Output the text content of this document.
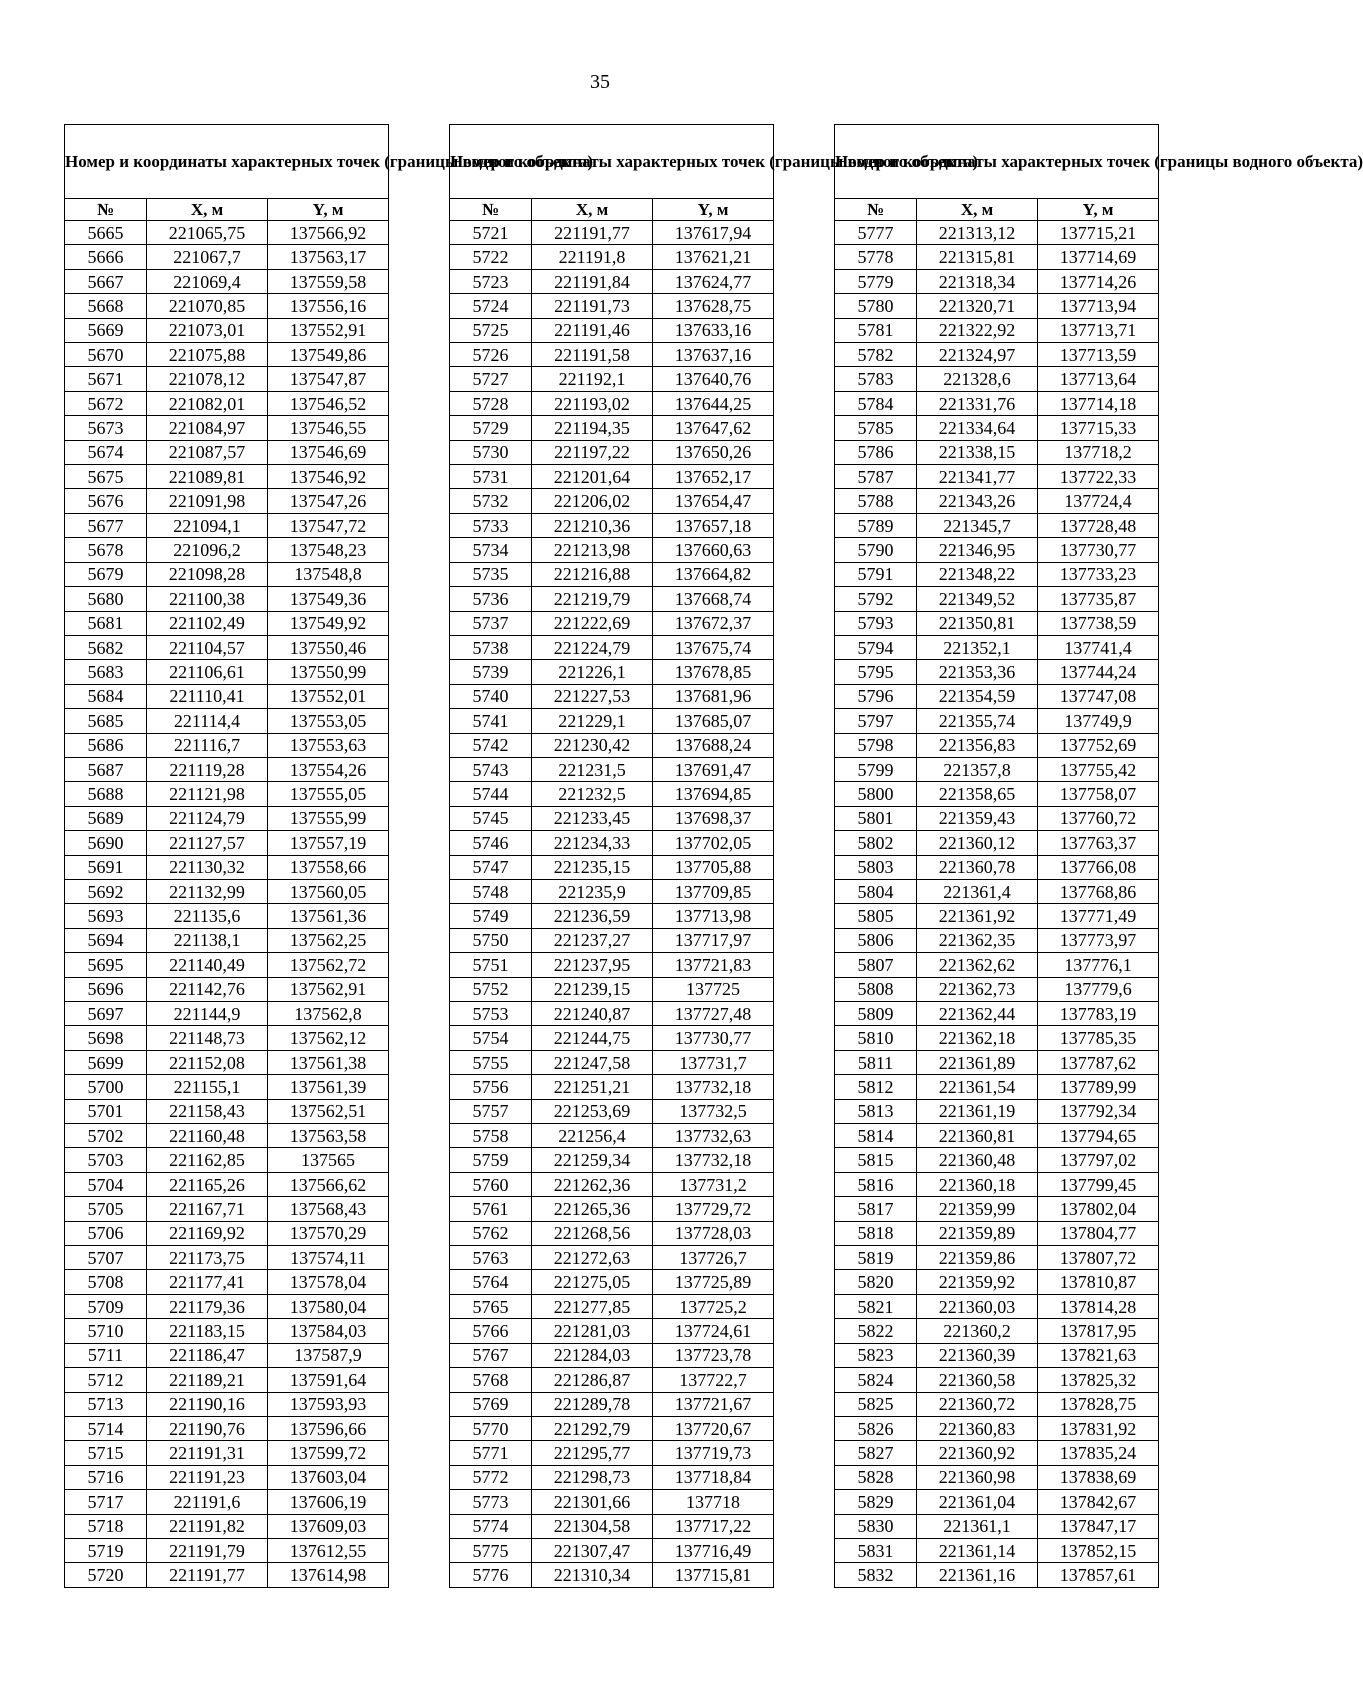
35
Номер и координаты характерных точек (границы водного объекта)		
№	X, м	Y, м
5665	221065,75	137566,92
5666	221067,7	137563,17
5667	221069,4	137559,58
5668	221070,85	137556,16
5669	221073,01	137552,91
5670	221075,88	137549,86
5671	221078,12	137547,87
5672	221082,01	137546,52
5673	221084,97	137546,55
5674	221087,57	137546,69
5675	221089,81	137546,92
5676	221091,98	137547,26
5677	221094,1	137547,72
5678	221096,2	137548,23
5679	221098,28	137548,8
5680	221100,38	137549,36
5681	221102,49	137549,92
5682	221104,57	137550,46
5683	221106,61	137550,99
5684	221110,41	137552,01
5685	221114,4	137553,05
5686	221116,7	137553,63
5687	221119,28	137554,26
5688	221121,98	137555,05
5689	221124,79	137555,99
5690	221127,57	137557,19
5691	221130,32	137558,66
5692	221132,99	137560,05
5693	221135,6	137561,36
5694	221138,1	137562,25
5695	221140,49	137562,72
5696	221142,76	137562,91
5697	221144,9	137562,8
5698	221148,73	137562,12
5699	221152,08	137561,38
5700	221155,1	137561,39
5701	221158,43	137562,51
5702	221160,48	137563,58
5703	221162,85	137565
5704	221165,26	137566,62
5705	221167,71	137568,43
5706	221169,92	137570,29
5707	221173,75	137574,11
5708	221177,41	137578,04
5709	221179,36	137580,04
5710	221183,15	137584,03
5711	221186,47	137587,9
5712	221189,21	137591,64
5713	221190,16	137593,93
5714	221190,76	137596,66
5715	221191,31	137599,72
5716	221191,23	137603,04
5717	221191,6	137606,19
5718	221191,82	137609,03
5719	221191,79	137612,55
5720	221191,77	137614,98
Номер и координаты характерных точек (границы водного объекта)		
№	X, м	Y, м
5721	221191,77	137617,94
5722	221191,8	137621,21
5723	221191,84	137624,77
5724	221191,73	137628,75
5725	221191,46	137633,16
5726	221191,58	137637,16
5727	221192,1	137640,76
5728	221193,02	137644,25
5729	221194,35	137647,62
5730	221197,22	137650,26
5731	221201,64	137652,17
5732	221206,02	137654,47
5733	221210,36	137657,18
5734	221213,98	137660,63
5735	221216,88	137664,82
5736	221219,79	137668,74
5737	221222,69	137672,37
5738	221224,79	137675,74
5739	221226,1	137678,85
5740	221227,53	137681,96
5741	221229,1	137685,07
5742	221230,42	137688,24
5743	221231,5	137691,47
5744	221232,5	137694,85
5745	221233,45	137698,37
5746	221234,33	137702,05
5747	221235,15	137705,88
5748	221235,9	137709,85
5749	221236,59	137713,98
5750	221237,27	137717,97
5751	221237,95	137721,83
5752	221239,15	137725
5753	221240,87	137727,48
5754	221244,75	137730,77
5755	221247,58	137731,7
5756	221251,21	137732,18
5757	221253,69	137732,5
5758	221256,4	137732,63
5759	221259,34	137732,18
5760	221262,36	137731,2
5761	221265,36	137729,72
5762	221268,56	137728,03
5763	221272,63	137726,7
5764	221275,05	137725,89
5765	221277,85	137725,2
5766	221281,03	137724,61
5767	221284,03	137723,78
5768	221286,87	137722,7
5769	221289,78	137721,67
5770	221292,79	137720,67
5771	221295,77	137719,73
5772	221298,73	137718,84
5773	221301,66	137718
5774	221304,58	137717,22
5775	221307,47	137716,49
5776	221310,34	137715,81
Номер и координаты характерных точек (границы водного объекта)		
№	X, м	Y, м
5777	221313,12	137715,21
5778	221315,81	137714,69
5779	221318,34	137714,26
5780	221320,71	137713,94
5781	221322,92	137713,71
5782	221324,97	137713,59
5783	221328,6	137713,64
5784	221331,76	137714,18
5785	221334,64	137715,33
5786	221338,15	137718,2
5787	221341,77	137722,33
5788	221343,26	137724,4
5789	221345,7	137728,48
5790	221346,95	137730,77
5791	221348,22	137733,23
5792	221349,52	137735,87
5793	221350,81	137738,59
5794	221352,1	137741,4
5795	221353,36	137744,24
5796	221354,59	137747,08
5797	221355,74	137749,9
5798	221356,83	137752,69
5799	221357,8	137755,42
5800	221358,65	137758,07
5801	221359,43	137760,72
5802	221360,12	137763,37
5803	221360,78	137766,08
5804	221361,4	137768,86
5805	221361,92	137771,49
5806	221362,35	137773,97
5807	221362,62	137776,1
5808	221362,73	137779,6
5809	221362,44	137783,19
5810	221362,18	137785,35
5811	221361,89	137787,62
5812	221361,54	137789,99
5813	221361,19	137792,34
5814	221360,81	137794,65
5815	221360,48	137797,02
5816	221360,18	137799,45
5817	221359,99	137802,04
5818	221359,89	137804,77
5819	221359,86	137807,72
5820	221359,92	137810,87
5821	221360,03	137814,28
5822	221360,2	137817,95
5823	221360,39	137821,63
5824	221360,58	137825,32
5825	221360,72	137828,75
5826	221360,83	137831,92
5827	221360,92	137835,24
5828	221360,98	137838,69
5829	221361,04	137842,67
5830	221361,1	137847,17
5831	221361,14	137852,15
5832	221361,16	137857,61
